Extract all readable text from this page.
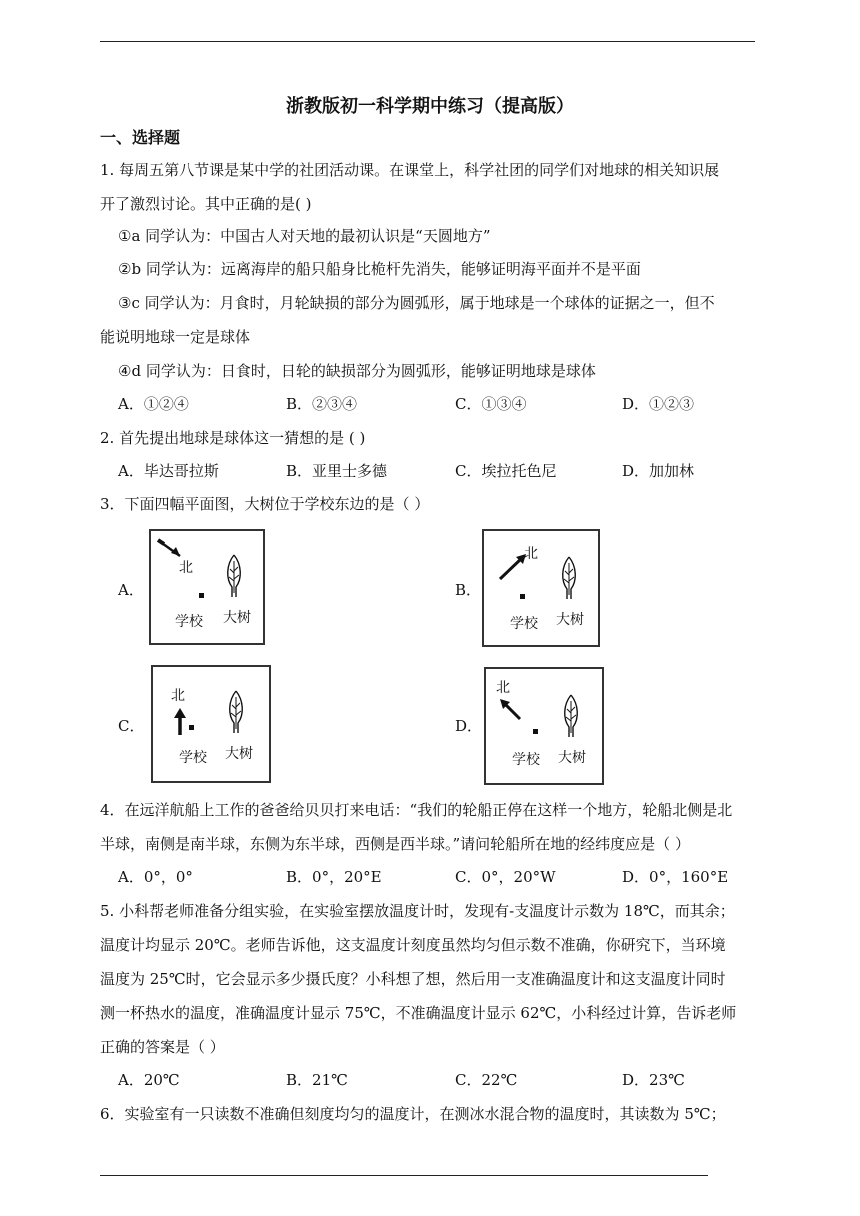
浙教版初一科学期中练习（提高版）
一、选择题
1. 每周五第八节课是某中学的社团活动课。在课堂上，科学社团的同学们对地球的相关知识展
开了激烈讨论。其中正确的是( )
①a 同学认为：中国古人对天地的最初认识是“天圆地方”
②b 同学认为：远离海岸的船只船身比桅杆先消失，能够证明海平面并不是平面
③c 同学认为：月食时，月轮缺损的部分为圆弧形，属于地球是一个球体的证据之一，但不
能说明地球一定是球体
④d 同学认为：日食时，日轮的缺损部分为圆弧形，能够证明地球是球体
A．①②④	B．②③④	C．①③④	D．①②③
2. 首先提出地球是球体这一猜想的是 ( )
A．毕达哥拉斯	B．亚里士多德	C．埃拉托色尼	D．加加林
3．下面四幅平面图，大树位于学校东边的是（ ）
A．
北
学校 大树
B．
北
学校 大树
C．
北
学校 大树
D．
北
学校 大树
4．在远洋航船上工作的爸爸给贝贝打来电话：“我们的轮船正停在这样一个地方，轮船北侧是北
半球，南侧是南半球，东侧为东半球，西侧是西半球。”请问轮船所在地的经纬度应是（ ）
A．0°，0°	B．0°，20°E	C．0°，20°W	D．0°，160°E
5. 小科帮老师准备分组实验，在实验室摆放温度计时，发现有-支温度计示数为 18℃，而其余；
温度计均显示 20℃。老师告诉他，这支温度计刻度虽然均匀但示数不准确，你研究下，当环境
温度为 25℃时，它会显示多少摄氏度？小科想了想，然后用一支准确温度计和这支温度计同时
测一杯热水的温度，准确温度计显示 75℃，不准确温度计显示 62℃，小科经过计算，告诉老师
正确的答案是（ ）
A．20℃	B．21℃	C．22℃	D．23℃
6．实验室有一只读数不准确但刻度均匀的温度计，在测冰水混合物的温度时，其读数为 5℃；
